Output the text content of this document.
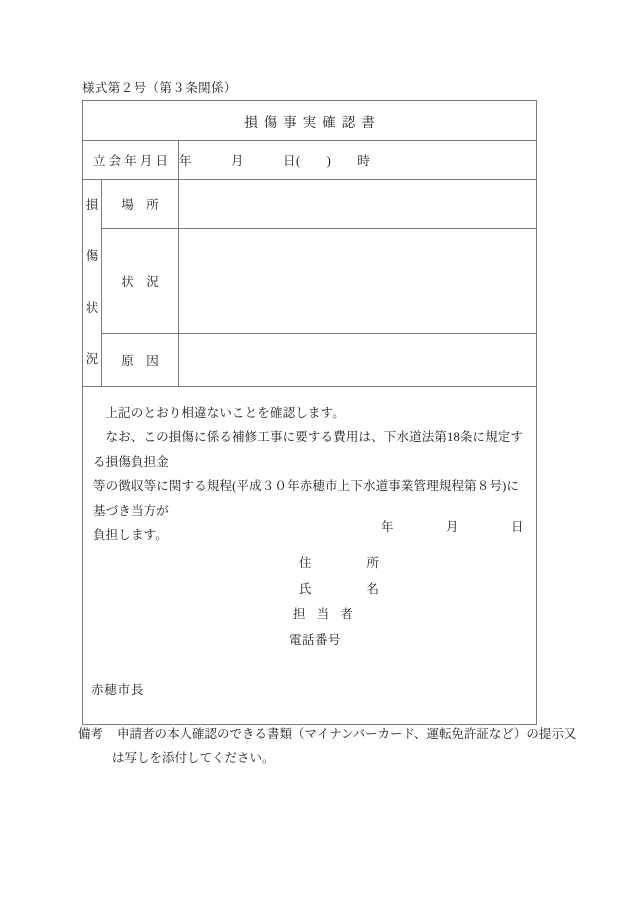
様式第２号（第３条関係）
損傷事実確認書		
立 会 年 月 日		年　　　月　　　日(　　)　　時

損
傷
状
況	場　所	
	状　況	
	原　因	

上記のとおり相違ないことを確認します。

なお、この損傷に係る補修工事に要する費用は、下水道法第18条に規定する損傷負担金

等の徴収等に関する規程(平成３０年赤穂市上下水道事業管理規程第８号)に基づき当方が

負担します。

年　　　　月　　　　日
住　　所
氏　　名
担 当 者
電話番号
赤穂市長
備考 申請者の本人確認のできる書類（マイナンバーカード、運転免許証など）の提示又
は写しを添付してください。
